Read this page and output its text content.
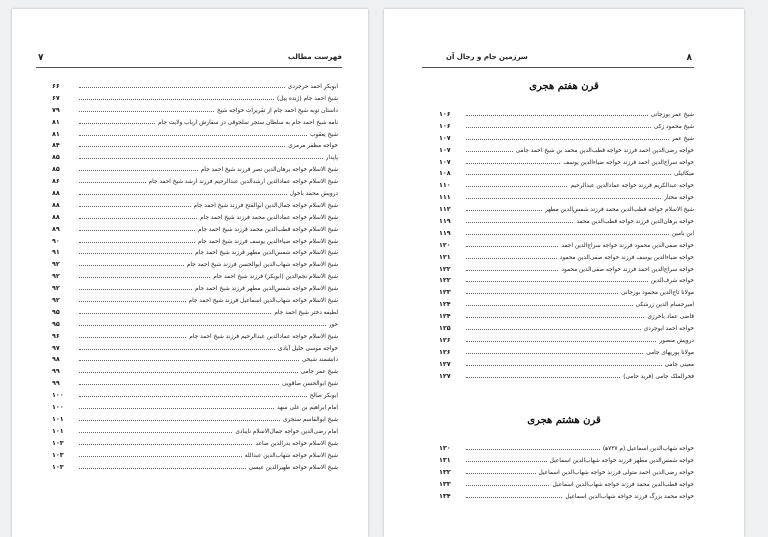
فهرست مطالب
۷
۶۶	ابوبکر احمد حرجردی
۶۷	شیخ احمد جام (ژنده پیل)
۷۹	داستان توبه شیخ احمد جام از تقریرات خواجه شیخ
۸۱	نامه شیخ احمد جام به سلطان سنجر سلجوقی در سفارش ارباب ولایت جام
۸۱	شیخ یعقوب
۸۴	خواجه مظفر مرمزی
۸۵	پاپدار
۸۵	شیخ الاسلام خواجه برهان‌الدین نصر فرزند شیخ احمد جام
۸۶	شیخ الاسلام خواجه عمادالدین ارشدالدین عبدالرحیم فرزند ارشد شیخ احمد جام
۸۸	درویش محمد باخول
۸۸	شیخ الاسلام خواجه جمال‌الدین ابوالفتح فرزند شیخ احمد جام
۸۸	شیخ الاسلام خواجه عمادالدین محمد فرزند شیخ احمد جام
۸۹	شیخ الاسلام خواجه قطب‌الدین محمد فرزند شیخ احمد جام
۹۰	شیخ الاسلام خواجه ضیاءالدین یوسف فرزند شیخ احمد جام
۹۱	شیخ الاسلام خواجه شمس‌الدین مطهر فرزند شیخ احمد جام
۹۲	شیخ الاسلام خواجه شهاب‌الدین ابوالحسن فرزند شیخ احمد جام
۹۲	شیخ الاسلام نجم‌الدین (ابوبکر) فرزند شیخ احمد جام
۹۲	شیخ الاسلام خواجه شمس‌الدین مطهر فرزند شیخ احمد جام
۹۲	شیخ الاسلام خواجه شهاب‌الدین اسماعیل فرزند شیخ احمد جام
۹۵	لطیفه دختر شیخ احمد جام
۹۵	حور
۹۶	شیخ الاسلام خواجه عمادالدین عبدالرحیم فرزند شیخ احمد جام
۹۷	خواجه موسی خلیل آبادی
۹۸	دانشمند شیخی
۹۹	شیخ عمر جامی
۹۹	شیخ ابوالحسن صاقویی
۱۰۰	ابوبکر صالح
۱۰۰	امام ابراهیم بن علی سهد
۱۰۱	شیخ ابوالقاسم سنجری
۱۰۱	امام رضی‌الدین خواجه جمال‌الاسلام نایبادی
۱۰۳	شیخ الاسلام خواجه بدرالدین صاعد
۱۰۳	شیخ الاسلام خواجه شهاب‌الدین عبدالله
۱۰۳	شیخ الاسلام خواجه ظهیرالدین عیسی
سرزمین جام و رجال آن	۸
قرن هفتم هجری
۱۰۶	شیخ عمر بوزجانی
۱۰۶	شیخ محمود زکی
۱۰۷	شیخ عمر
۱۰۷	خواجه رضی‌الدین احمد فرزند خواجه قطب‌الدین محمد بن شیخ احمد جامی
۱۰۷	خواجه سراج‌الدین احمد فرزند خواجه ضیاءالدین یوسف
۱۰۸	میکائیلی
۱۱۰	خواجه عبدالکریم فرزند خواجه عمادالدین عبدالرحیم
۱۱۱	خواجه مختار
۱۱۲	شیخ الاسلام خواجه قطب‌الدین محمد فرزند شمس‌الدین مطهر
۱۱۹	خواجه برهان‌الدین فرزند خواجه قطب‌الدین محمد
۱۱۹	ابن یامین
۱۲۰	خواجه صفی‌الدین محمود فرزند خواجه سراج‌الدین احمد
۱۲۱	خواجه ضیاءالدین یوسف فرزند خواجه صفی‌الدین محمود
۱۲۲	خواجه سراج‌الدین احمد فرزند خواجه صفی‌الدین محمود
۱۲۲	خواجه شرف‌الدین
۱۲۳	مولانا تاج‌الدین محمود بوزجانی
۱۲۴	امیرحسام الدین زرشکی
۱۲۴	قاضی عماد باخرزی
۱۲۵	خواجه احمد ابوجردی
۱۲۶	درویش منصور
۱۲۶	مولانا پوریهای جامی
۱۲۷	معینی جامی
۱۲۷	فخرالملک جامی (فرید جامی)
قرن هشتم هجری
۱۳۰	خواجه شهاب‌الدین اسماعیل (م ۷۳۷ه‍)
۱۳۱	خواجه شمس‌الدین مطهر فرزند خواجه شهاب‌الدین اسماعیل
۱۳۲	خواجه رضی‌الدین احمد متولی فرزند خواجه شهاب‌الدین اسماعیل
۱۳۳	خواجه قطب‌الدین محمد فرزند خواجه شهاب‌الدین اسماعیل
۱۳۴	خواجه محمد بزرگ فرزند خواجه شهاب‌الدین اسماعیل
